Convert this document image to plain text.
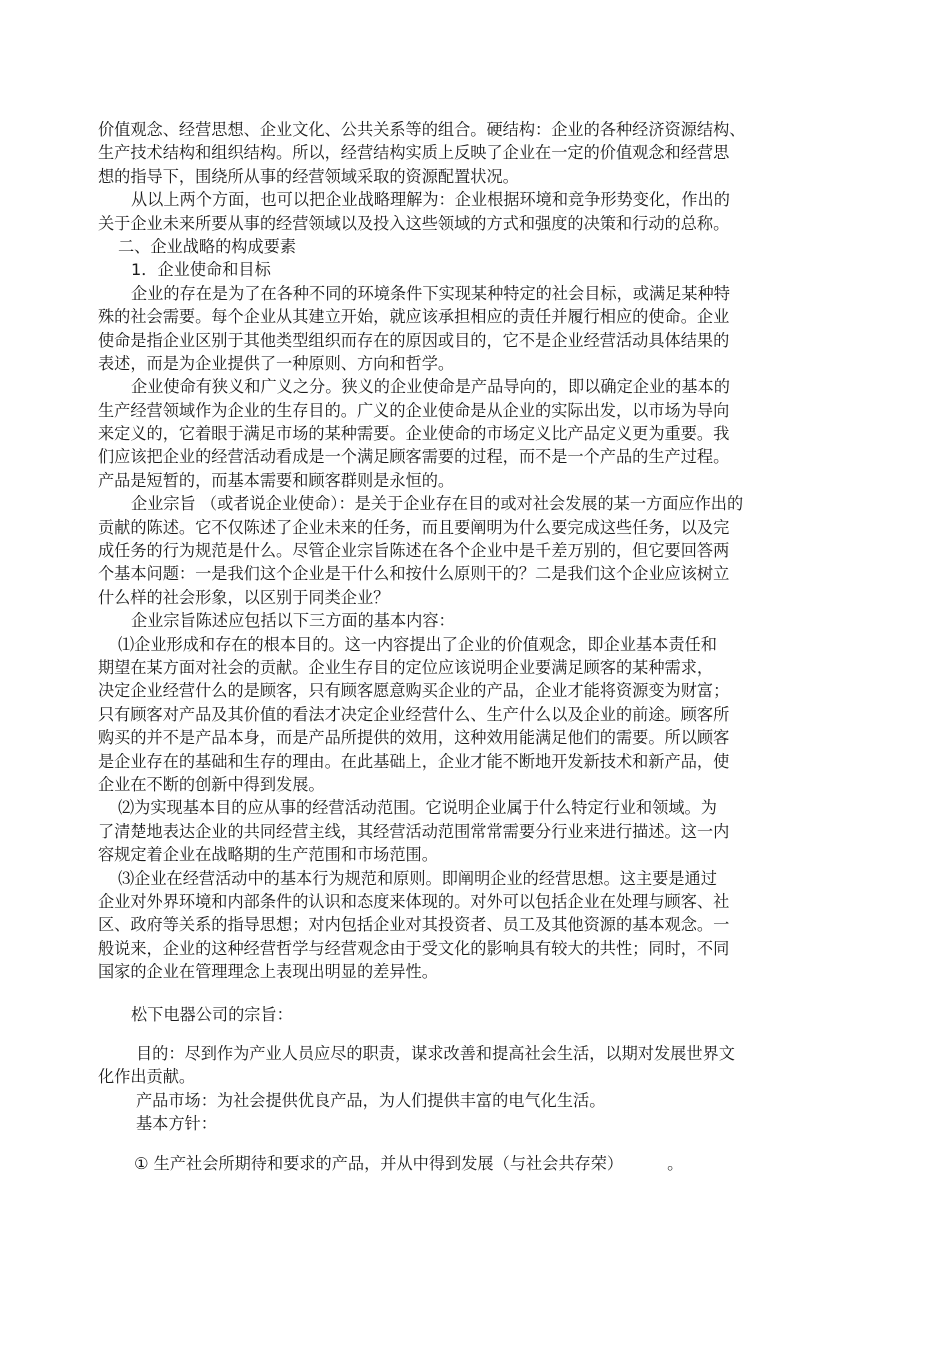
价值观念、经营思想、企业文化、公共关系等的组合。硬结构：企业的各种经济资源结构、
生产技术结构和组织结构。所以，经营结构实质上反映了企业在一定的价值观念和经营思
想的指导下，围绕所从事的经营领域采取的资源配置状况。
从以上两个方面，也可以把企业战略理解为：企业根据环境和竞争形势变化，作出的
关于企业未来所要从事的经营领域以及投入这些领域的方式和强度的决策和行动的总称。
二、企业战略的构成要素
1．企业使命和目标
企业的存在是为了在各种不同的环境条件下实现某种特定的社会目标，或满足某种特
殊的社会需要。每个企业从其建立开始，就应该承担相应的责任并履行相应的使命。企业
使命是指企业区别于其他类型组织而存在的原因或目的，它不是企业经营活动具体结果的
表述，而是为企业提供了一种原则、方向和哲学。
企业使命有狭义和广义之分。狭义的企业使命是产品导向的，即以确定企业的基本的
生产经营领域作为企业的生存目的。广义的企业使命是从企业的实际出发，以市场为导向
来定义的，它着眼于满足市场的某种需要。企业使命的市场定义比产品定义更为重要。我
们应该把企业的经营活动看成是一个满足顾客需要的过程，而不是一个产品的生产过程。
产品是短暂的，而基本需要和顾客群则是永恒的。
企业宗旨 （或者说企业使命）：是关于企业存在目的或对社会发展的某一方面应作出的
贡献的陈述。它不仅陈述了企业未来的任务，而且要阐明为什么要完成这些任务，以及完
成任务的行为规范是什么。尽管企业宗旨陈述在各个企业中是千差万别的，但它要回答两
个基本问题：一是我们这个企业是干什么和按什么原则干的？二是我们这个企业应该树立
什么样的社会形象，以区别于同类企业？
企业宗旨陈述应包括以下三方面的基本内容：
⑴企业形成和存在的根本目的。这一内容提出了企业的价值观念，即企业基本责任和
期望在某方面对社会的贡献。企业生存目的定位应该说明企业要满足顾客的某种需求，
决定企业经营什么的是顾客，只有顾客愿意购买企业的产品，企业才能将资源变为财富；
只有顾客对产品及其价值的看法才决定企业经营什么、生产什么以及企业的前途。顾客所
购买的并不是产品本身，而是产品所提供的效用，这种效用能满足他们的需要。所以顾客
是企业存在的基础和生存的理由。在此基础上，企业才能不断地开发新技术和新产品，使
企业在不断的创新中得到发展。
⑵为实现基本目的应从事的经营活动范围。它说明企业属于什么特定行业和领域。为
了清楚地表达企业的共同经营主线，其经营活动范围常常需要分行业来进行描述。这一内
容规定着企业在战略期的生产范围和市场范围。
⑶企业在经营活动中的基本行为规范和原则。即阐明企业的经营思想。这主要是通过
企业对外界环境和内部条件的认识和态度来体现的。对外可以包括企业在处理与顾客、社
区、政府等关系的指导思想；对内包括企业对其投资者、员工及其他资源的基本观念。一
般说来，企业的这种经营哲学与经营观念由于受文化的影响具有较大的共性；同时，不同
国家的企业在管理理念上表现出明显的差异性。
松下电器公司的宗旨：
目的：尽到作为产业人员应尽的职责，谋求改善和提高社会生活，以期对发展世界文
化作出贡献。
产品市场：为社会提供优良产品，为人们提供丰富的电气化生活。
基本方针：
① 生产社会所期待和要求的产品，并从中得到发展（与社会共存荣）	。
